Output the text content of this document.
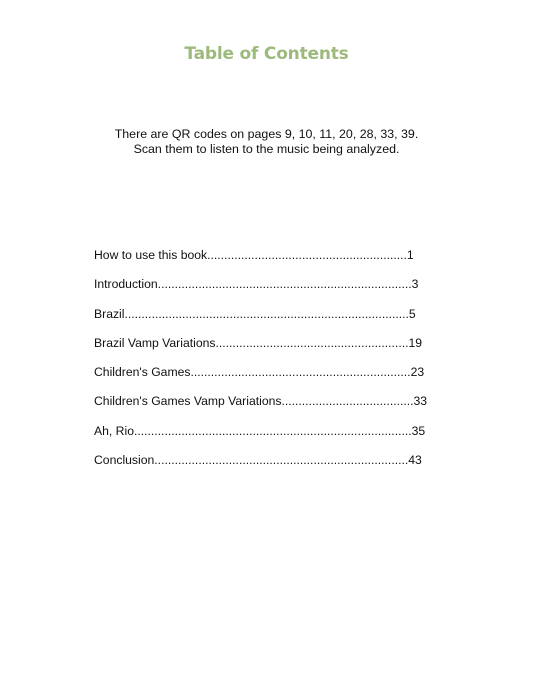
Table of Contents
There are QR codes on pages 9, 10, 11, 20, 28, 33, 39.
Scan them to listen to the music being analyzed.
How to use this book...........................................................1
Introduction...........................................................................3
Brazil....................................................................................5
Brazil Vamp Variations.........................................................19
Children's Games.................................................................23
Children's Games Vamp Variations.......................................33
Ah, Rio..................................................................................35
Conclusion...........................................................................43
